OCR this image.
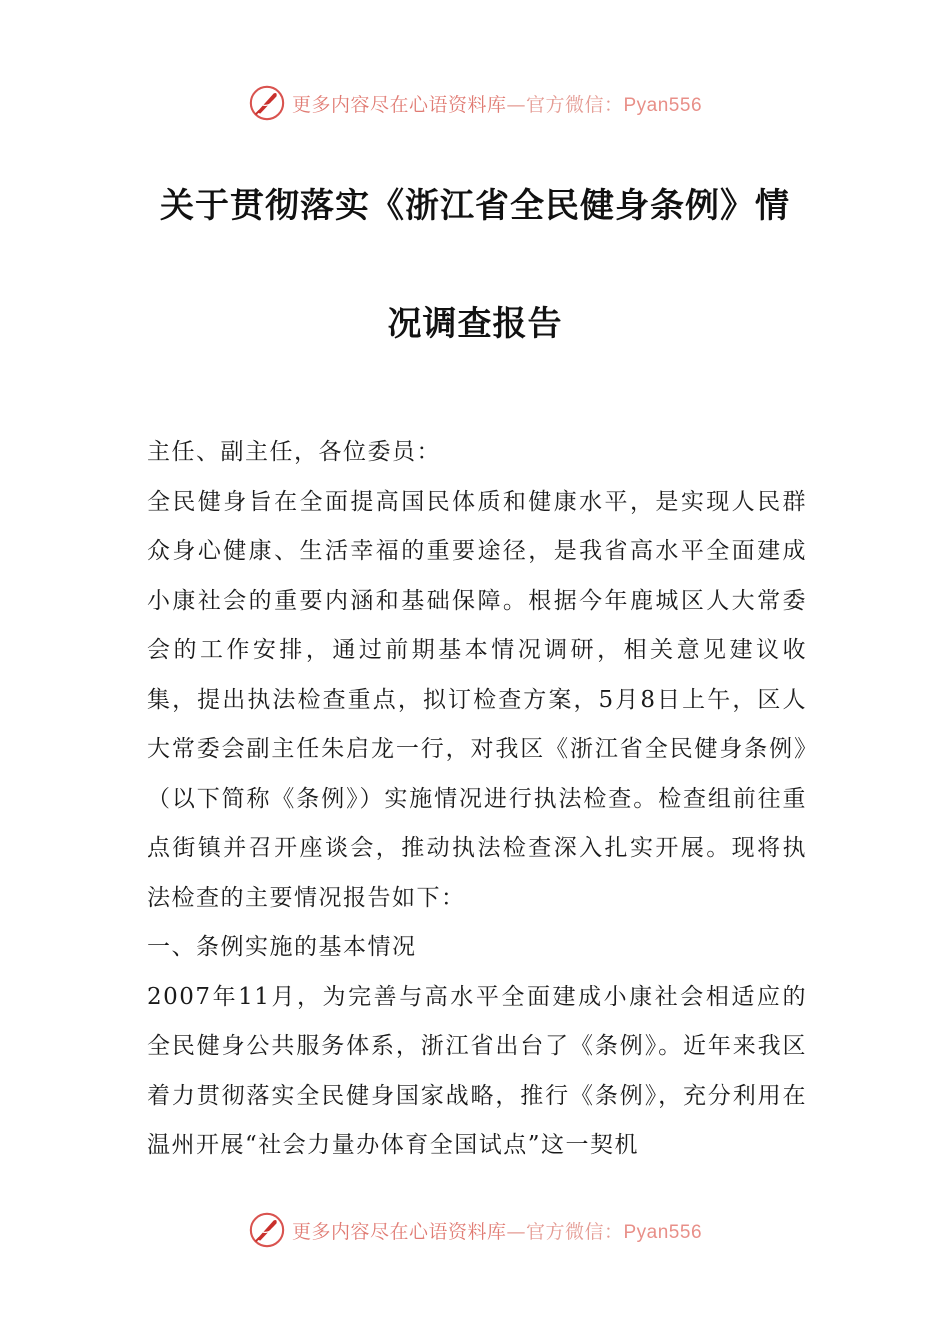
更多内容尽在心语资料库—官方微信：Pyan556
关于贯彻落实《浙江省全民健身条例》情
况调查报告

主任、副主任，各位委员：

全民健身旨在全面提高国民体质和健康水平，是实现人民群众身心健康、生活幸福的重要途径，是我省高水平全面建成小康社会的重要内涵和基础保障。根据今年鹿城区人大常委会的工作安排，通过前期基本情况调研，相关意见建议收集，提出执法检查重点，拟订检查方案，5月8日上午，区人大常委会副主任朱启龙一行，对我区《浙江省全民健身条例》（以下简称《条例》）实施情况进行执法检查。检查组前往重点街镇并召开座谈会，推动执法检查深入扎实开展。现将执法检查的主要情况报告如下：

一、条例实施的基本情况

2007年11月，为完善与高水平全面建成小康社会相适应的全民健身公共服务体系，浙江省出台了《条例》。近年来我区着力贯彻落实全民健身国家战略，推行《条例》，充分利用在温州开展“社会力量办体育全国试点”这一契机

更多内容尽在心语资料库—官方微信：Pyan556
